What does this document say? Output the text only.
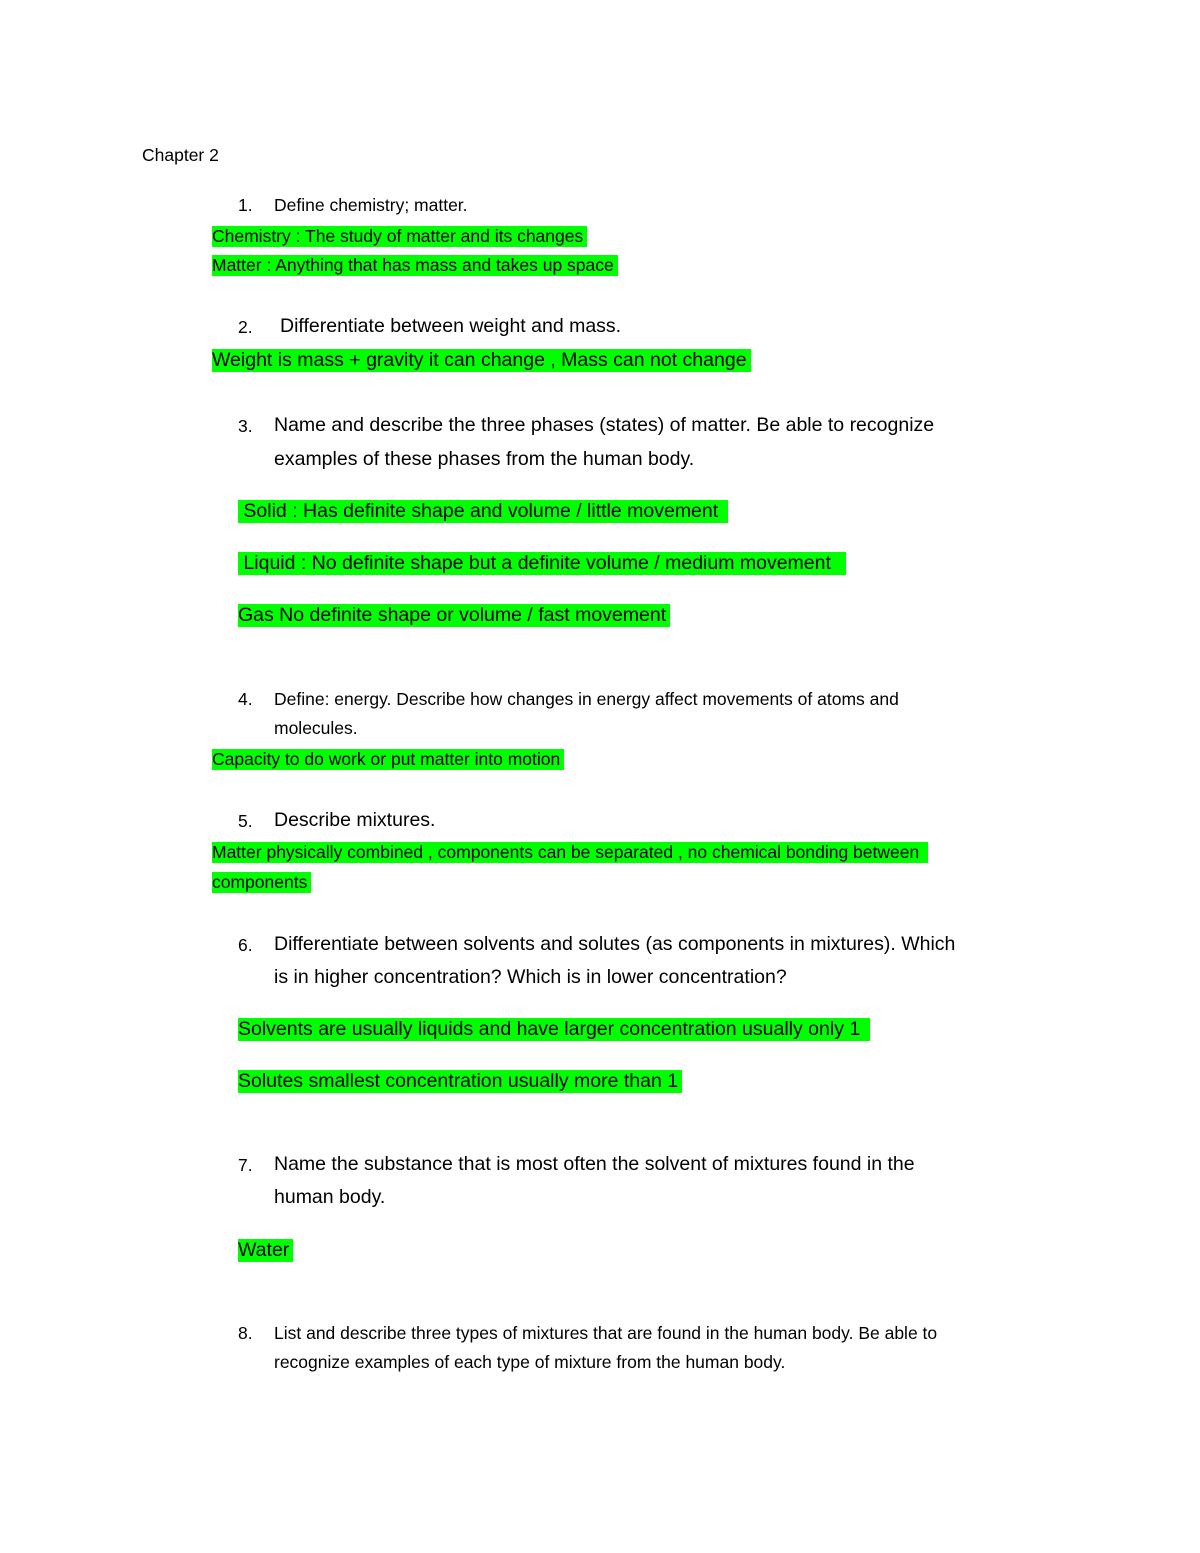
Chapter 2
1. Define chemistry; matter.
Chemistry : The study of matter and its changes
Matter : Anything that has mass and takes up space
2. Differentiate between weight and mass.
Weight is mass + gravity it can change , Mass can not change
3. Name and describe the three phases (states) of matter. Be able to recognize
examples of these phases from the human body.
Solid : Has definite shape and volume / little movement
Liquid : No definite shape but a definite volume / medium movement
Gas No definite shape or volume / fast movement
4. Define: energy. Describe how changes in energy affect movements of atoms and
molecules.
Capacity to do work or put matter into motion
5. Describe mixtures.
Matter physically combined , components can be separated , no chemical bonding between
components
6. Differentiate between solvents and solutes (as components in mixtures). Which
is in higher concentration? Which is in lower concentration?
Solvents are usually liquids and have larger concentration usually only 1
Solutes smallest concentration usually more than 1
7. Name the substance that is most often the solvent of mixtures found in the
human body.
Water
8. List and describe three types of mixtures that are found in the human body. Be able to
recognize examples of each type of mixture from the human body.
